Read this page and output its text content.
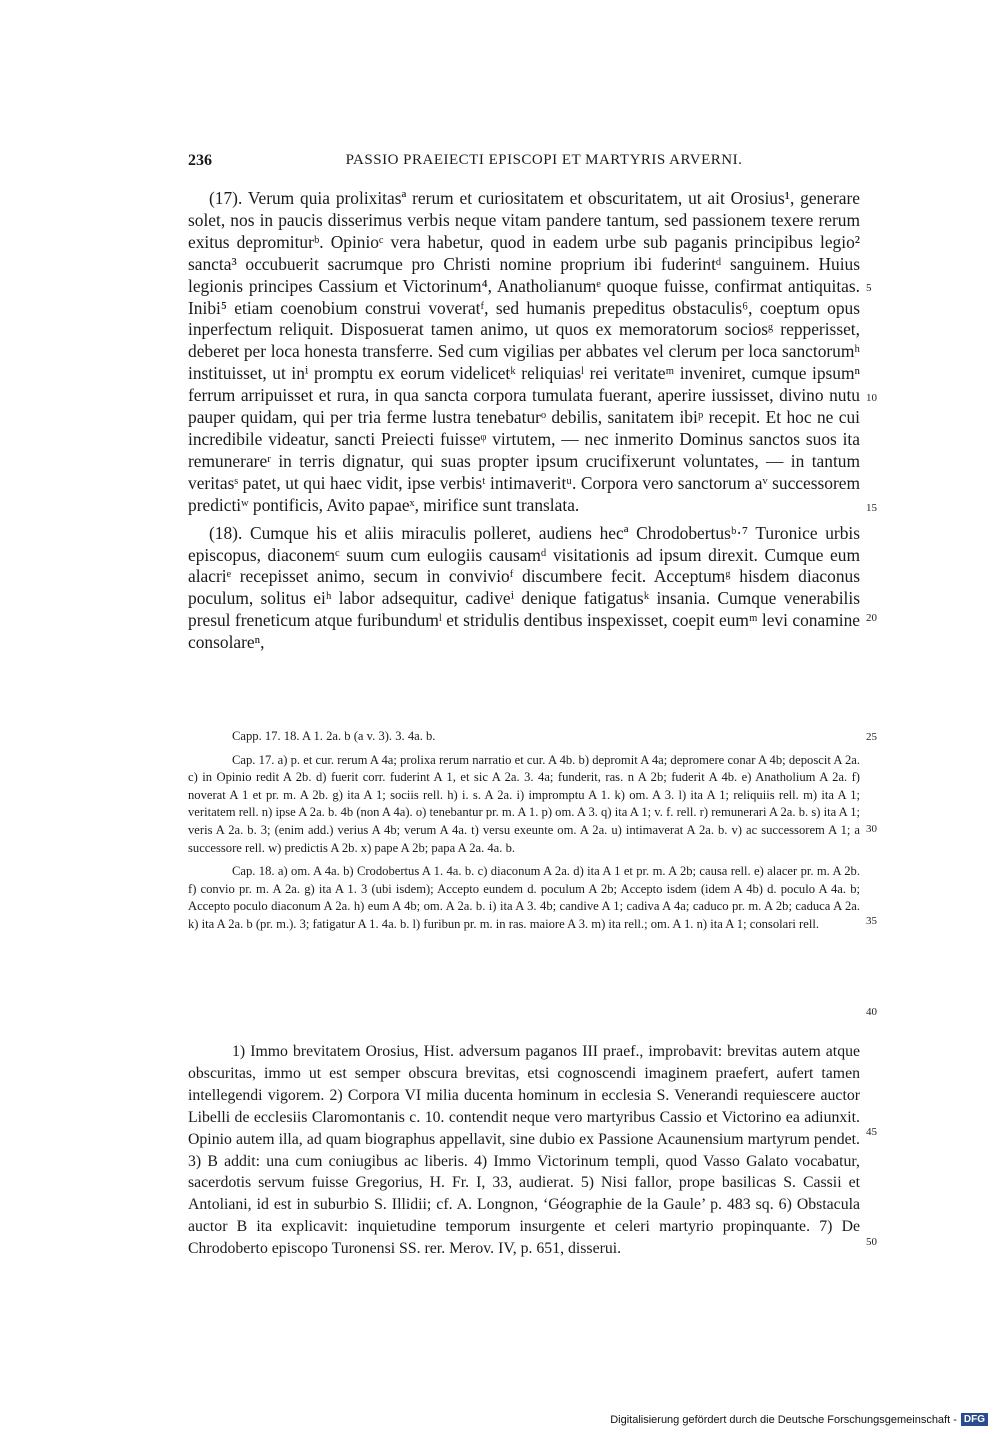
236	PASSIO PRAEIECTI EPISCOPI ET MARTYRIS ARVERNI.

(17). Verum quia prolixitasª rerum et curiositatem et obscuritatem, ut ait Orosius¹, generare solet, nos in paucis disserimus verbis neque vitam pandere tantum, sed passionem texere rerum exitus depromiturᵇ. Opinioᶜ vera habetur, quod in eadem urbe sub paganis principibus legio² sancta³ occubuerit sacrumque pro Christi nomine proprium ibi fuderintᵈ sanguinem. Huius legionis principes Cassium et Victorinum⁴, Anatholianumᵉ quoque fuisse, confirmat antiquitas. Inibi⁵ etiam coenobium construi voveratᶠ, sed humanis prepeditus obstaculis⁶, coeptum opus inperfectum reliquit. Disposuerat tamen animo, ut quos ex memoratorum sociosᵍ repperisset, deberet per loca honesta transferre. Sed cum vigilias per abbates vel clerum per loca sanctorumʰ instituisset, ut inⁱ promptu ex eorum videlicetᵏ reliquiasˡ rei veritateᵐ inveniret, cumque ipsumⁿ ferrum arripuisset et rura, in qua sancta corpora tumulata fuerant, aperire iussisset, divino nutu pauper quidam, qui per tria ferme lustra tenebaturᵒ debilis, sanitatem ibiᵖ recepit. Et hoc ne cui incredibile videatur, sancti Preiecti fuisseᵠ virtutem, — nec inmerito Dominus sanctos suos ita remunerareʳ in terris dignatur, qui suas propter ipsum crucifixerunt voluntates, — in tantum veritasˢ patet, ut qui haec vidit, ipse verbisᵗ intimaveritᵘ. Corpora vero sanctorum aᵛ successorem predictiʷ pontificis, Avito papaeˣ, mirifice sunt translata.

(18). Cumque his et aliis miraculis polleret, audiens hecª Chrodobertusᵇ·⁷ Turonice urbis episcopus, diaconemᶜ suum cum eulogiis causamᵈ visitationis ad ipsum direxit. Cumque eum alacriᵉ recepisset animo, secum in convivioᶠ discumbere fecit. Acceptumᵍ hisdem diaconus poculum, solitus eiʰ labor adsequitur, cadiveⁱ denique fatigatusᵏ insania. Cumque venerabilis presul freneticum atque furibundumˡ et stridulis dentibus inspexisset, coepit eumᵐ levi conamine consolareⁿ,

Capp. 17. 18. A 1. 2a. b (a v. 3). 3. 4a. b.

Cap. 17. a) p. et cur. rerum A 4a; prolixa rerum narratio et cur. A 4b. b) depromit A 4a; depromere conar A 4b; deposcit A 2a. c) in Opinio redit A 2b. d) fuerit corr. fuderint A 1, et sic A 2a. 3. 4a; funderit, ras. n A 2b; fuderit A 4b. e) Anatholium A 2a. f) noverat A 1 et pr. m. A 2b. g) ita A 1; sociis rell. h) i. s. A 2a. i) impromptu A 1. k) om. A 3. l) ita A 1; reliquiis rell. m) ita A 1; veritatem rell. n) ipse A 2a. b. 4b (non A 4a). o) tenebantur pr. m. A 1. p) om. A 3. q) ita A 1; v. f. rell. r) remunerari A 2a. b. s) ita A 1; veris A 2a. b. 3; (enim add.) verius A 4b; verum A 4a. t) versu exeunte om. A 2a. u) intimaverat A 2a. b. v) ac successorem A 1; a successore rell. w) predictis A 2b. x) pape A 2b; papa A 2a. 4a. b.

Cap. 18. a) om. A 4a. b) Crodobertus A 1. 4a. b. c) diaconum A 2a. d) ita A 1 et pr. m. A 2b; causa rell. e) alacer pr. m. A 2b. f) convio pr. m. A 2a. g) ita A 1. 3 (ubi isdem); Accepto eundem d. poculum A 2b; Accepto isdem (idem A 4b) d. poculo A 4a. b; Accepto poculo diaconum A 2a. h) eum A 4b; om. A 2a. b. i) ita A 3. 4b; candive A 1; cadiva A 4a; caduco pr. m. A 2b; caduca A 2a. k) ita A 2a. b (pr. m.). 3; fatigatur A 1. 4a. b. l) furibun pr. m. in ras. maiore A 3. m) ita rell.; om. A 1. n) ita A 1; consolari rell.

1) Immo brevitatem Orosius, Hist. adversum paganos III praef., improbavit: brevitas autem atque obscuritas, immo ut est semper obscura brevitas, etsi cognoscendi imaginem praefert, aufert tamen intellegendi vigorem. 2) Corpora VI milia ducenta hominum in ecclesia S. Venerandi requiescere auctor Libelli de ecclesiis Claromontanis c. 10. contendit neque vero martyribus Cassio et Victorino ea adiunxit. Opinio autem illa, ad quam biographus appellavit, sine dubio ex Passione Acaunensium martyrum pendet. 3) B addit: una cum coniugibus ac liberis. 4) Immo Victorinum templi, quod Vasso Galato vocabatur, sacerdotis servum fuisse Gregorius, H. Fr. I, 33, audierat. 5) Nisi fallor, prope basilicas S. Cassii et Antoliani, id est in suburbio S. Illidii; cf. A. Longnon, ‘Géographie de la Gaule’ p. 483 sq. 6) Obstacula auctor B ita explicavit: inquietudine temporum insurgente et celeri martyrio propinquante. 7) De Chrodoberto episcopo Turonensi SS. rer. Merov. IV, p. 651, disserui.

5
10
15
20
25
30
35
40
45
50
Digitalisierung gefördert durch die Deutsche Forschungsgemeinschaft - DFG
